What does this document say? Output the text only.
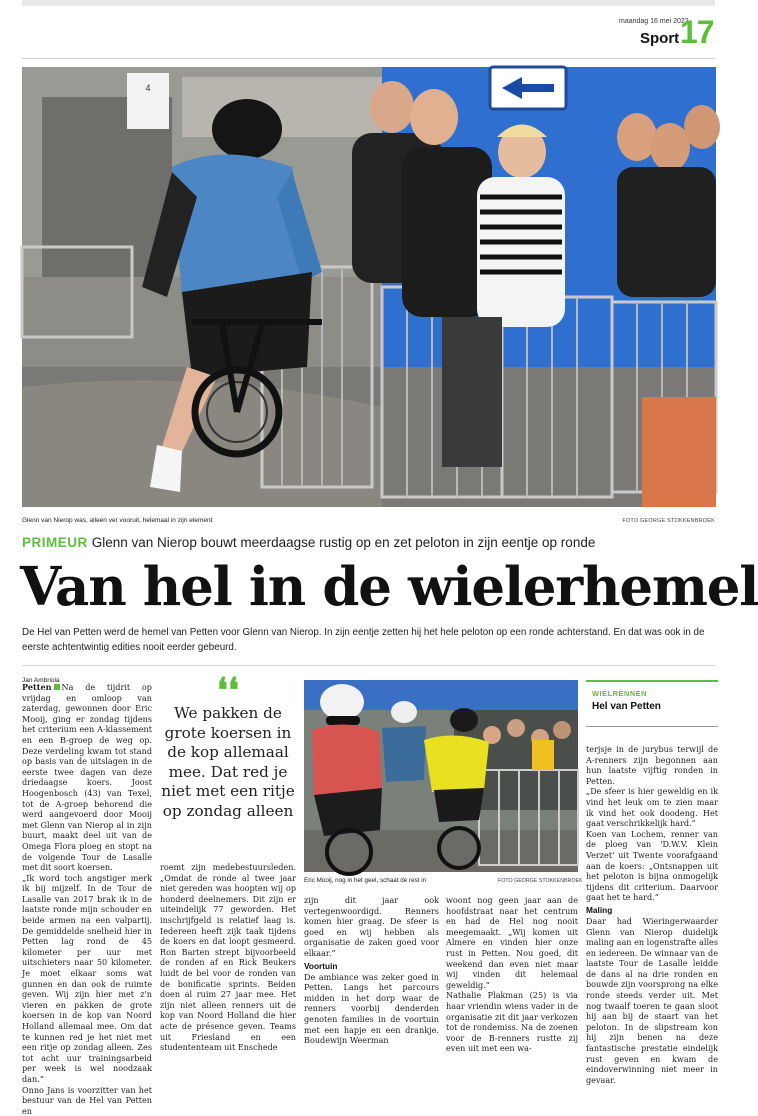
maandag 16 mei 2022
Sport 17
4
Glenn van Nierop was, alleen ver vooruit, helemaal in zijn element	FOTO GEORGE STOKKENBROEK
PRIMEUR Glenn van Nierop bouwt meerdaagse rustig op en zet peloton in zijn eentje op ronde
Van hel in de wielerhemel
De Hel van Petten werd de hemel van Petten voor Glenn van Nierop. In zijn eentje zetten hij het hele peloton op een ronde achterstand. En dat was ook in de eerste achtentwintig edities nooit eerder gebeurd.
Jan Ambriola

Petten Na de tijdrit op vrijdag en omloop van zaterdag, gewonnen door Eric Mooij, ging er zondag tijdens het criterium een A-klassement en een B-groep de weg op. Deze verdeling kwam tot stand op basis van de uitslagen in de eerste twee dagen van deze driedaagse koers. Joost Hoogenbosch (43) van Texel, tot de A-groep behorend die werd aangevoerd door Mooij met Glenn van Nierop al in zijn buurt, maakt deel uit van de Omega Flora ploeg en stopt na de volgende Tour de Lasalle met dit soort koersen.

„Ik word toch angstiger merk ik bij mijzelf. In de Tour de Lasalle van 2017 brak ik in de laatste ronde mijn schouder en beide armen na een valpartij. De gemiddelde snelheid hier in Petten lag rond de 45 kilometer per uur met uitschieters naar 50 kilometer. Je moet elkaar soms wat gunnen en dan ook de ruimte geven. Wij zijn hier met z'n vieren en pakken de grote koersen in de kop van Noord Holland allemaal mee. Om dat te kunnen red je het niet met een ritje op zondag alleen. Zes tot acht uur trainingsarbeid per week is wel noodzaak dan.”

Onno Jans is voorzitter van het bestuur van de Hel van Petten en

❛❛
We pakken de grote koersen in de kop allemaal mee. Dat red je niet met een ritje op zondag alleen

roemt zijn medebestuursleden. „Omdat de ronde al twee jaar niet gereden was hoopten wij op honderd deelnemers. Dit zijn er uiteindelijk 77 geworden. Het inschrijfgeld is relatief laag is. Iedereen heeft zijk taak tijdens de koers en dat loopt gesmeerd. Ron Barten strept bijvoorbeeld de ronden af en Rick Beukers luidt de bel voor de ronden van de bonificatie sprints. Beiden doen al ruim 27 jaar mee. Het zijn niet alleen renners uit de kop van Noord Holland die hier acte de présence geven. Teams uit Friesland en een studententeam uit Enschede

Eric Mooij, nog in het geel, schaat de rest in	FOTO GEORGE STOKKENBROEK

zijn dit jaar ook vertegenwoordigd. Renners komen hier graag. De sfeer is goed en wij hebben als organisatie de zaken goed voor elkaar.”

Voortuin

De ambiance was zeker goed in Petten. Langs het parcours midden in het dorp waar de renners voorbij denderden genoten families in de voortuin met een hapje en een drankje. Boudewijn Weerman

woont nog geen jaar aan de hoofdstraat naar het centrum en had de Hel nog nooit meegemaakt. „Wij komen uit Almere en vinden hier onze rust in Petten. Nou goed, dit weekend dan even niet maar wij vinden dit helemaal geweldig.”

Nathalie Plakman (25) is via haar vriendin wiens vader in de organisatie zit dit jaar verkozen tot de rondemiss. Na de zoenen voor de B-renners rustte zij even uit met een wa-

WIELRENNEN
Hel van Petten

terjsje in de jurybus terwijl de A-renners zijn begonnen aan hun laatste vijftig ronden in Petten.

„De sfeer is hier geweldig en ik vind het leuk om te zien maar ik vind het ook doodeng. Het gaat verschrikkelijk hard.”

Koen van Lochem, renner van de ploeg van 'D.W.V. Klein Verzet' uit Twente voorafgaand aan de koers: „Ontsnappen uit het peloton is bijna onmogelijk tijdens dit criterium. Daarvoor gaat het te hard.”

Maling

Daar had Wieringerwaarder Glenn van Nierop duidelijk maling aan en logenstrafte alles en iedereen. De winnaar van de laatste Tour de Lasalle leidde de dans al na drie ronden en bouwde zijn voorsprong na elke ronde steeds verder uit. Met nog twaalf toeren te gaan sloot hij aan bij de staart van het peloton. In de slipstream kon hij zijn benen na deze fantastische prestatie eindelijk rust geven en kwam de eindoverwinning niet meer in gevaar.
